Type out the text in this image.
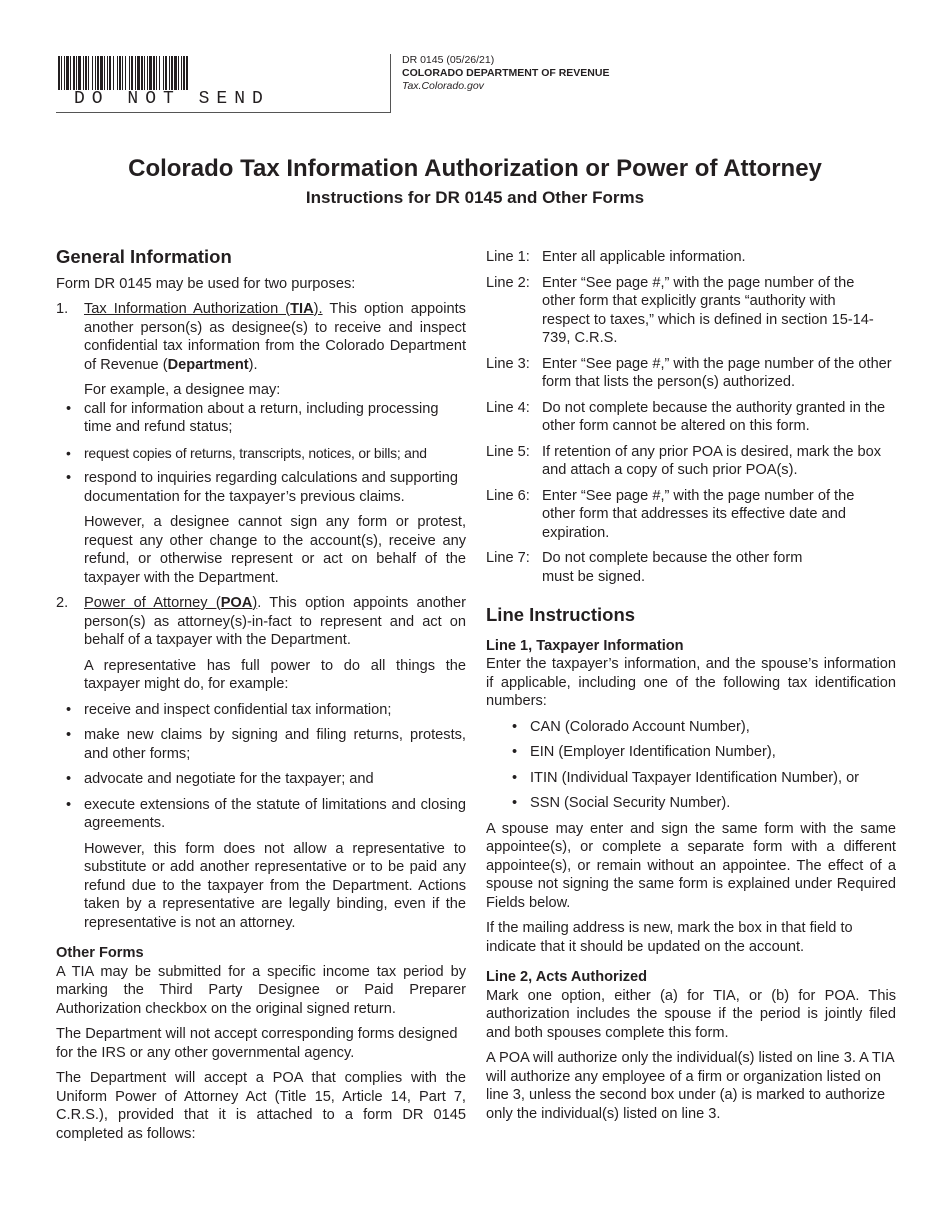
DO NOT SEND
DR 0145 (05/26/21)
COLORADO DEPARTMENT OF REVENUE
Tax.Colorado.gov
Colorado Tax Information Authorization or Power of Attorney
Instructions for DR 0145 and Other Forms
General Information

Form DR 0145 may be used for two purposes:

1.	Tax Information Authorization (TIA). This option appoints another person(s) as designee(s) to receive and inspect confidential tax information from the Colorado Department of Revenue (Department).

For example, a designee may:

• call for information about a return, including processing time and refund status;
• request copies of returns, transcripts, notices, or bills; and
• respond to inquiries regarding calculations and supporting documentation for the taxpayer’s previous claims.

However, a designee cannot sign any form or protest, request any other change to the account(s), receive any refund, or otherwise represent or act on behalf of the taxpayer with the Department.

2.	Power of Attorney (POA). This option appoints another person(s) as attorney(s)-in-fact to represent and act on behalf of a taxpayer with the Department.

A representative has full power to do all things the taxpayer might do, for example:

• receive and inspect confidential tax information;
• make new claims by signing and filing returns, protests, and other forms;
• advocate and negotiate for the taxpayer; and
• execute extensions of the statute of limitations and closing agreements.

However, this form does not allow a representative to substitute or add another representative or to be paid any refund due to the taxpayer from the Department. Actions taken by a representative are legally binding, even if the representative is not an attorney.

Other Forms

A TIA may be submitted for a specific income tax period by marking the Third Party Designee or Paid Preparer Authorization checkbox on the original signed return.

The Department will not accept corresponding forms designed for the IRS or any other governmental agency.

The Department will accept a POA that complies with the Uniform Power of Attorney Act (Title 15, Article 14, Part 7, C.R.S.), provided that it is attached to a form DR 0145 completed as follows:

Line 1: Enter all applicable information.
Line 2: Enter “See page #,” with the page number of the other form that explicitly grants “authority with respect to taxes,” which is defined in section 15-14-739, C.R.S.
Line 3: Enter “See page #,” with the page number of the other form that lists the person(s) authorized.
Line 4: Do not complete because the authority granted in the other form cannot be altered on this form.
Line 5: If retention of any prior POA is desired, mark the box and attach a copy of such prior POA(s).
Line 6: Enter “See page #,” with the page number of the other form that addresses its effective date and expiration.
Line 7: Do not complete because the other form must be signed.
Line Instructions
Line 1, Taxpayer Information

Enter the taxpayer’s information, and the spouse’s information if applicable, including one of the following tax identification numbers:

• CAN (Colorado Account Number),
• EIN (Employer Identification Number),
• ITIN (Individual Taxpayer Identification Number), or
• SSN (Social Security Number).

A spouse may enter and sign the same form with the same appointee(s), or complete a separate form with a different appointee(s), or remain without an appointee. The effect of a spouse not signing the same form is explained under Required Fields below.

If the mailing address is new, mark the box in that field to indicate that it should be updated on the account.

Line 2, Acts Authorized

Mark one option, either (a) for TIA, or (b) for POA. This authorization includes the spouse if the period is jointly filed and both spouses complete this form.

A POA will authorize only the individual(s) listed on line 3. A TIA will authorize any employee of a firm or organization listed on line 3, unless the second box under (a) is marked to authorize only the individual(s) listed on line 3.
